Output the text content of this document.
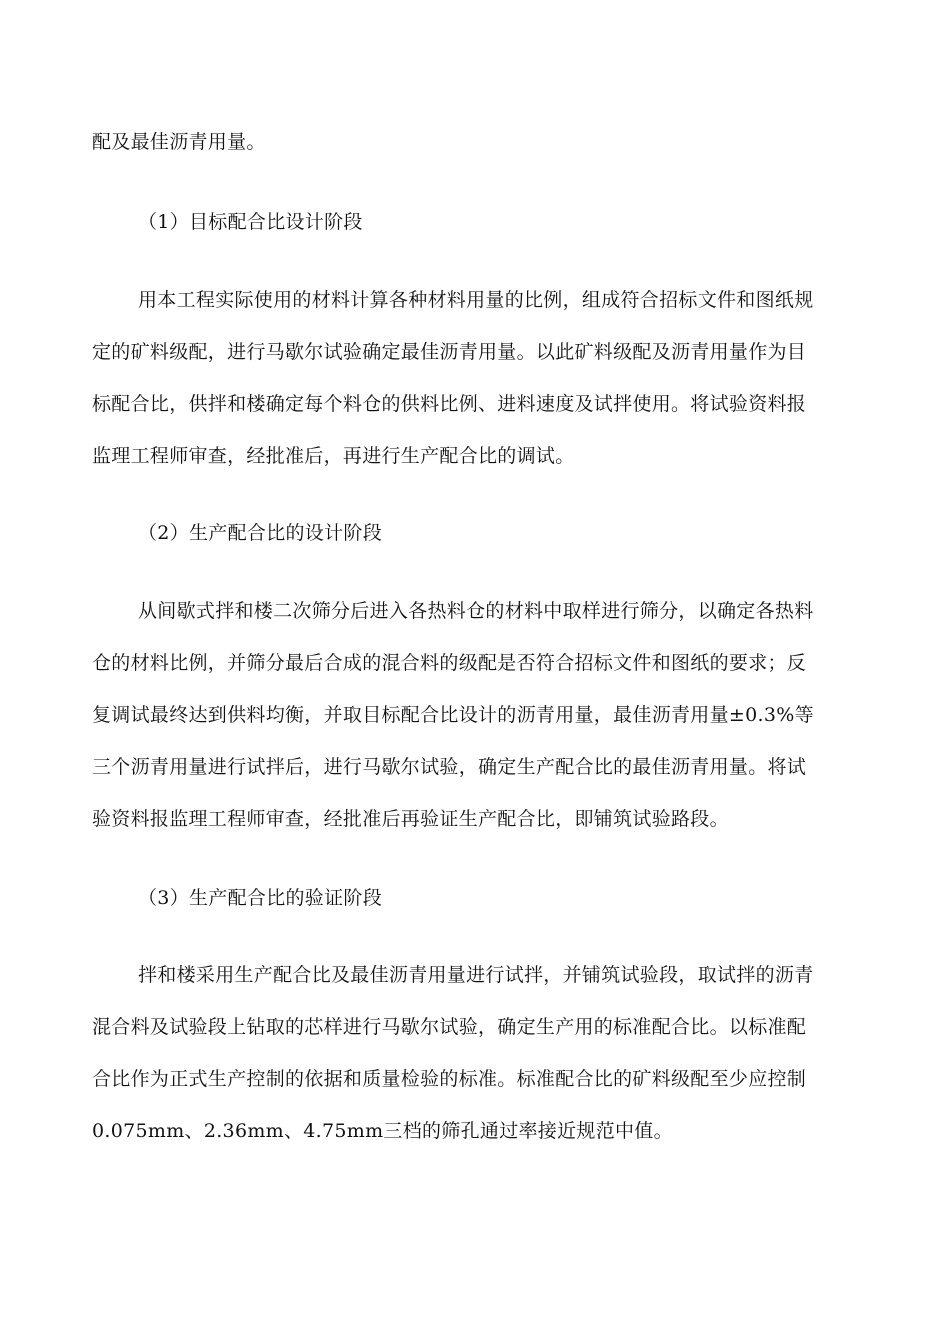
配及最佳沥青用量。
（1）目标配合比设计阶段
用本工程实际使用的材料计算各种材料用量的比例，组成符合招标文件和图纸规
定的矿料级配，进行马歇尔试验确定最佳沥青用量。以此矿料级配及沥青用量作为目
标配合比，供拌和楼确定每个料仓的供料比例、进料速度及试拌使用。将试验资料报
监理工程师审查，经批准后，再进行生产配合比的调试。
（2）生产配合比的设计阶段
从间歇式拌和楼二次筛分后进入各热料仓的材料中取样进行筛分，以确定各热料
仓的材料比例，并筛分最后合成的混合料的级配是否符合招标文件和图纸的要求；反
复调试最终达到供料均衡，并取目标配合比设计的沥青用量，最佳沥青用量±0.3%等
三个沥青用量进行试拌后，进行马歇尔试验，确定生产配合比的最佳沥青用量。将试
验资料报监理工程师审查，经批准后再验证生产配合比，即铺筑试验路段。
（3）生产配合比的验证阶段
拌和楼采用生产配合比及最佳沥青用量进行试拌，并铺筑试验段，取试拌的沥青
混合料及试验段上钻取的芯样进行马歇尔试验，确定生产用的标准配合比。以标准配
合比作为正式生产控制的依据和质量检验的标准。标准配合比的矿料级配至少应控制
0.075mm、2.36mm、4.75mm三档的筛孔通过率接近规范中值。
